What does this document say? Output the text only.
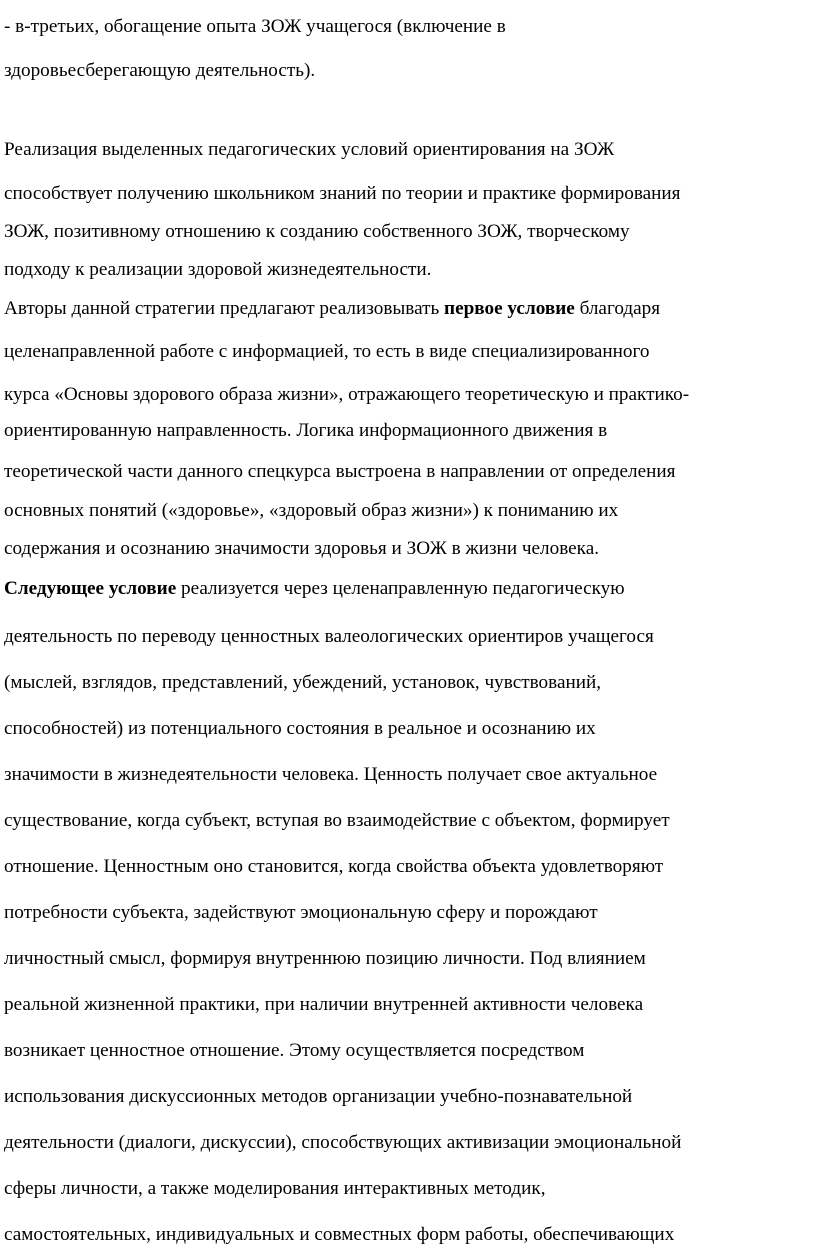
- в-третьих, обогащение опыта ЗОЖ учащегося (включение в
здоровьесберегающую деятельность).
Реализация выделенных педагогических условий ориентирования на ЗОЖ
способствует получению школьником знаний по теории и практике формирования
ЗОЖ, позитивному отношению к созданию собственного ЗОЖ, творческому
подходу к реализации здоровой жизнедеятельности.
Авторы данной стратегии предлагают реализовывать первое условие благодаря
целенаправленной работе с информацией, то есть в виде специализированного
курса «Основы здорового образа жизни», отражающего теоретическую и практико-
ориентированную направленность. Логика информационного движения в
теоретической части данного спецкурса выстроена в направлении от определения
основных понятий («здоровье», «здоровый образ жизни») к пониманию их
содержания и осознанию значимости здоровья и ЗОЖ в жизни человека.
Следующее условие реализуется через целенаправленную педагогическую
деятельность по переводу ценностных валеологических ориентиров учащегося
(мыслей, взглядов, представлений, убеждений, установок, чувствований,
способностей) из потенциального состояния в реальное и осознанию их
значимости в жизнедеятельности человека. Ценность получает свое актуальное
существование, когда субъект, вступая во взаимодействие с объектом, формирует
отношение. Ценностным оно становится, когда свойства объекта удовлетворяют
потребности субъекта, задействуют эмоциональную сферу и порождают
личностный смысл, формируя внутреннюю позицию личности. Под влиянием
реальной жизненной практики, при наличии внутренней активности человека
возникает ценностное отношение. Этому осуществляется посредством
использования дискуссионных методов организации учебно-познавательной
деятельности (диалоги, дискуссии), способствующих активизации эмоциональной
сферы личности, а также моделирования интерактивных методик,
самостоятельных, индивидуальных и совместных форм работы, обеспечивающих
